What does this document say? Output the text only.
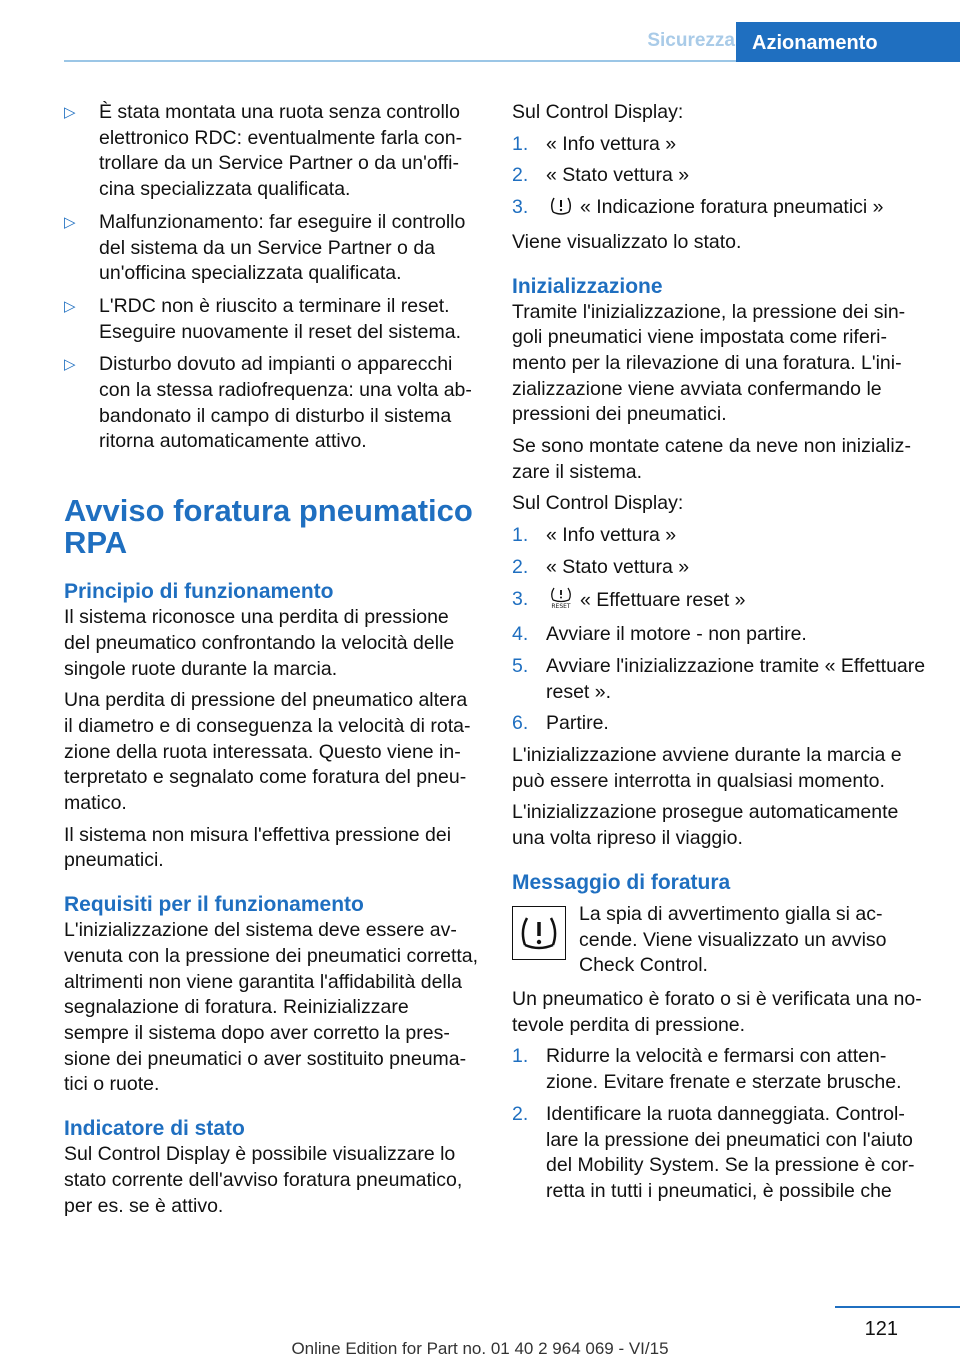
Sicurezza Azionamento
▷ È stata montata una ruota senza controllo elettronico RDC: eventualmente farla controllare da un Service Partner o da un'officina specializzata qualificata.
▷ Malfunzionamento: far eseguire il controllo del sistema da un Service Partner o da un'officina specializzata qualificata.
▷ L'RDC non è riuscito a terminare il reset. Eseguire nuovamente il reset del sistema.
▷ Disturbo dovuto ad impianti o apparecchi con la stessa radiofrequenza: una volta abbandonato il campo di disturbo il sistema ritorna automaticamente attivo.
Avviso foratura pneumatico RPA
Principio di funzionamento

Il sistema riconosce una perdita di pressione del pneumatico confrontando la velocità delle singole ruote durante la marcia.

Una perdita di pressione del pneumatico altera il diametro e di conseguenza la velocità di rotazione della ruota interessata. Questo viene interpretato e segnalato come foratura del pneumatico.

Il sistema non misura l'effettiva pressione dei pneumatici.

Requisiti per il funzionamento

L'inizializzazione del sistema deve essere avvenuta con la pressione dei pneumatici corretta, altrimenti non viene garantita l'affidabilità della segnalazione di foratura. Reinizializzare sempre il sistema dopo aver corretto la pressione dei pneumatici o aver sostituito pneumatici o ruote.

Indicatore di stato

Sul Control Display è possibile visualizzare lo stato corrente dell'avviso foratura pneumatico, per es. se è attivo.

Sul Control Display:

1. « Info vettura »
2. « Stato vettura »
3.	« Indicazione foratura pneumatici »

Viene visualizzato lo stato.

Inizializzazione

Tramite l'inizializzazione, la pressione dei singoli pneumatici viene impostata come riferimento per la rilevazione di una foratura. L'inizializzazione viene avviata confermando le pressioni dei pneumatici.

Se sono montate catene da neve non inizializzare il sistema.

Sul Control Display:

1. « Info vettura »
2. « Stato vettura »
3.	RESET « Effettuare reset »
4. Avviare il motore - non partire.
5. Avviare l'inizializzazione tramite « Effettuare reset ».
6. Partire.

L'inizializzazione avviene durante la marcia e può essere interrotta in qualsiasi momento.

L'inizializzazione prosegue automaticamente una volta ripreso il viaggio.

Messaggio di foratura
La spia di avvertimento gialla si accende. Viene visualizzato un avviso Check Control.

Un pneumatico è forato o si è verificata una notevole perdita di pressione.

1. Ridurre la velocità e fermarsi con attenzione. Evitare frenate e sterzate brusche.
2. Identificare la ruota danneggiata. Controllare la pressione dei pneumatici con l'aiuto del Mobility System. Se la pressione è corretta in tutti i pneumatici, è possibile che
121
Online Edition for Part no. 01 40 2 964 069 - VI/15
